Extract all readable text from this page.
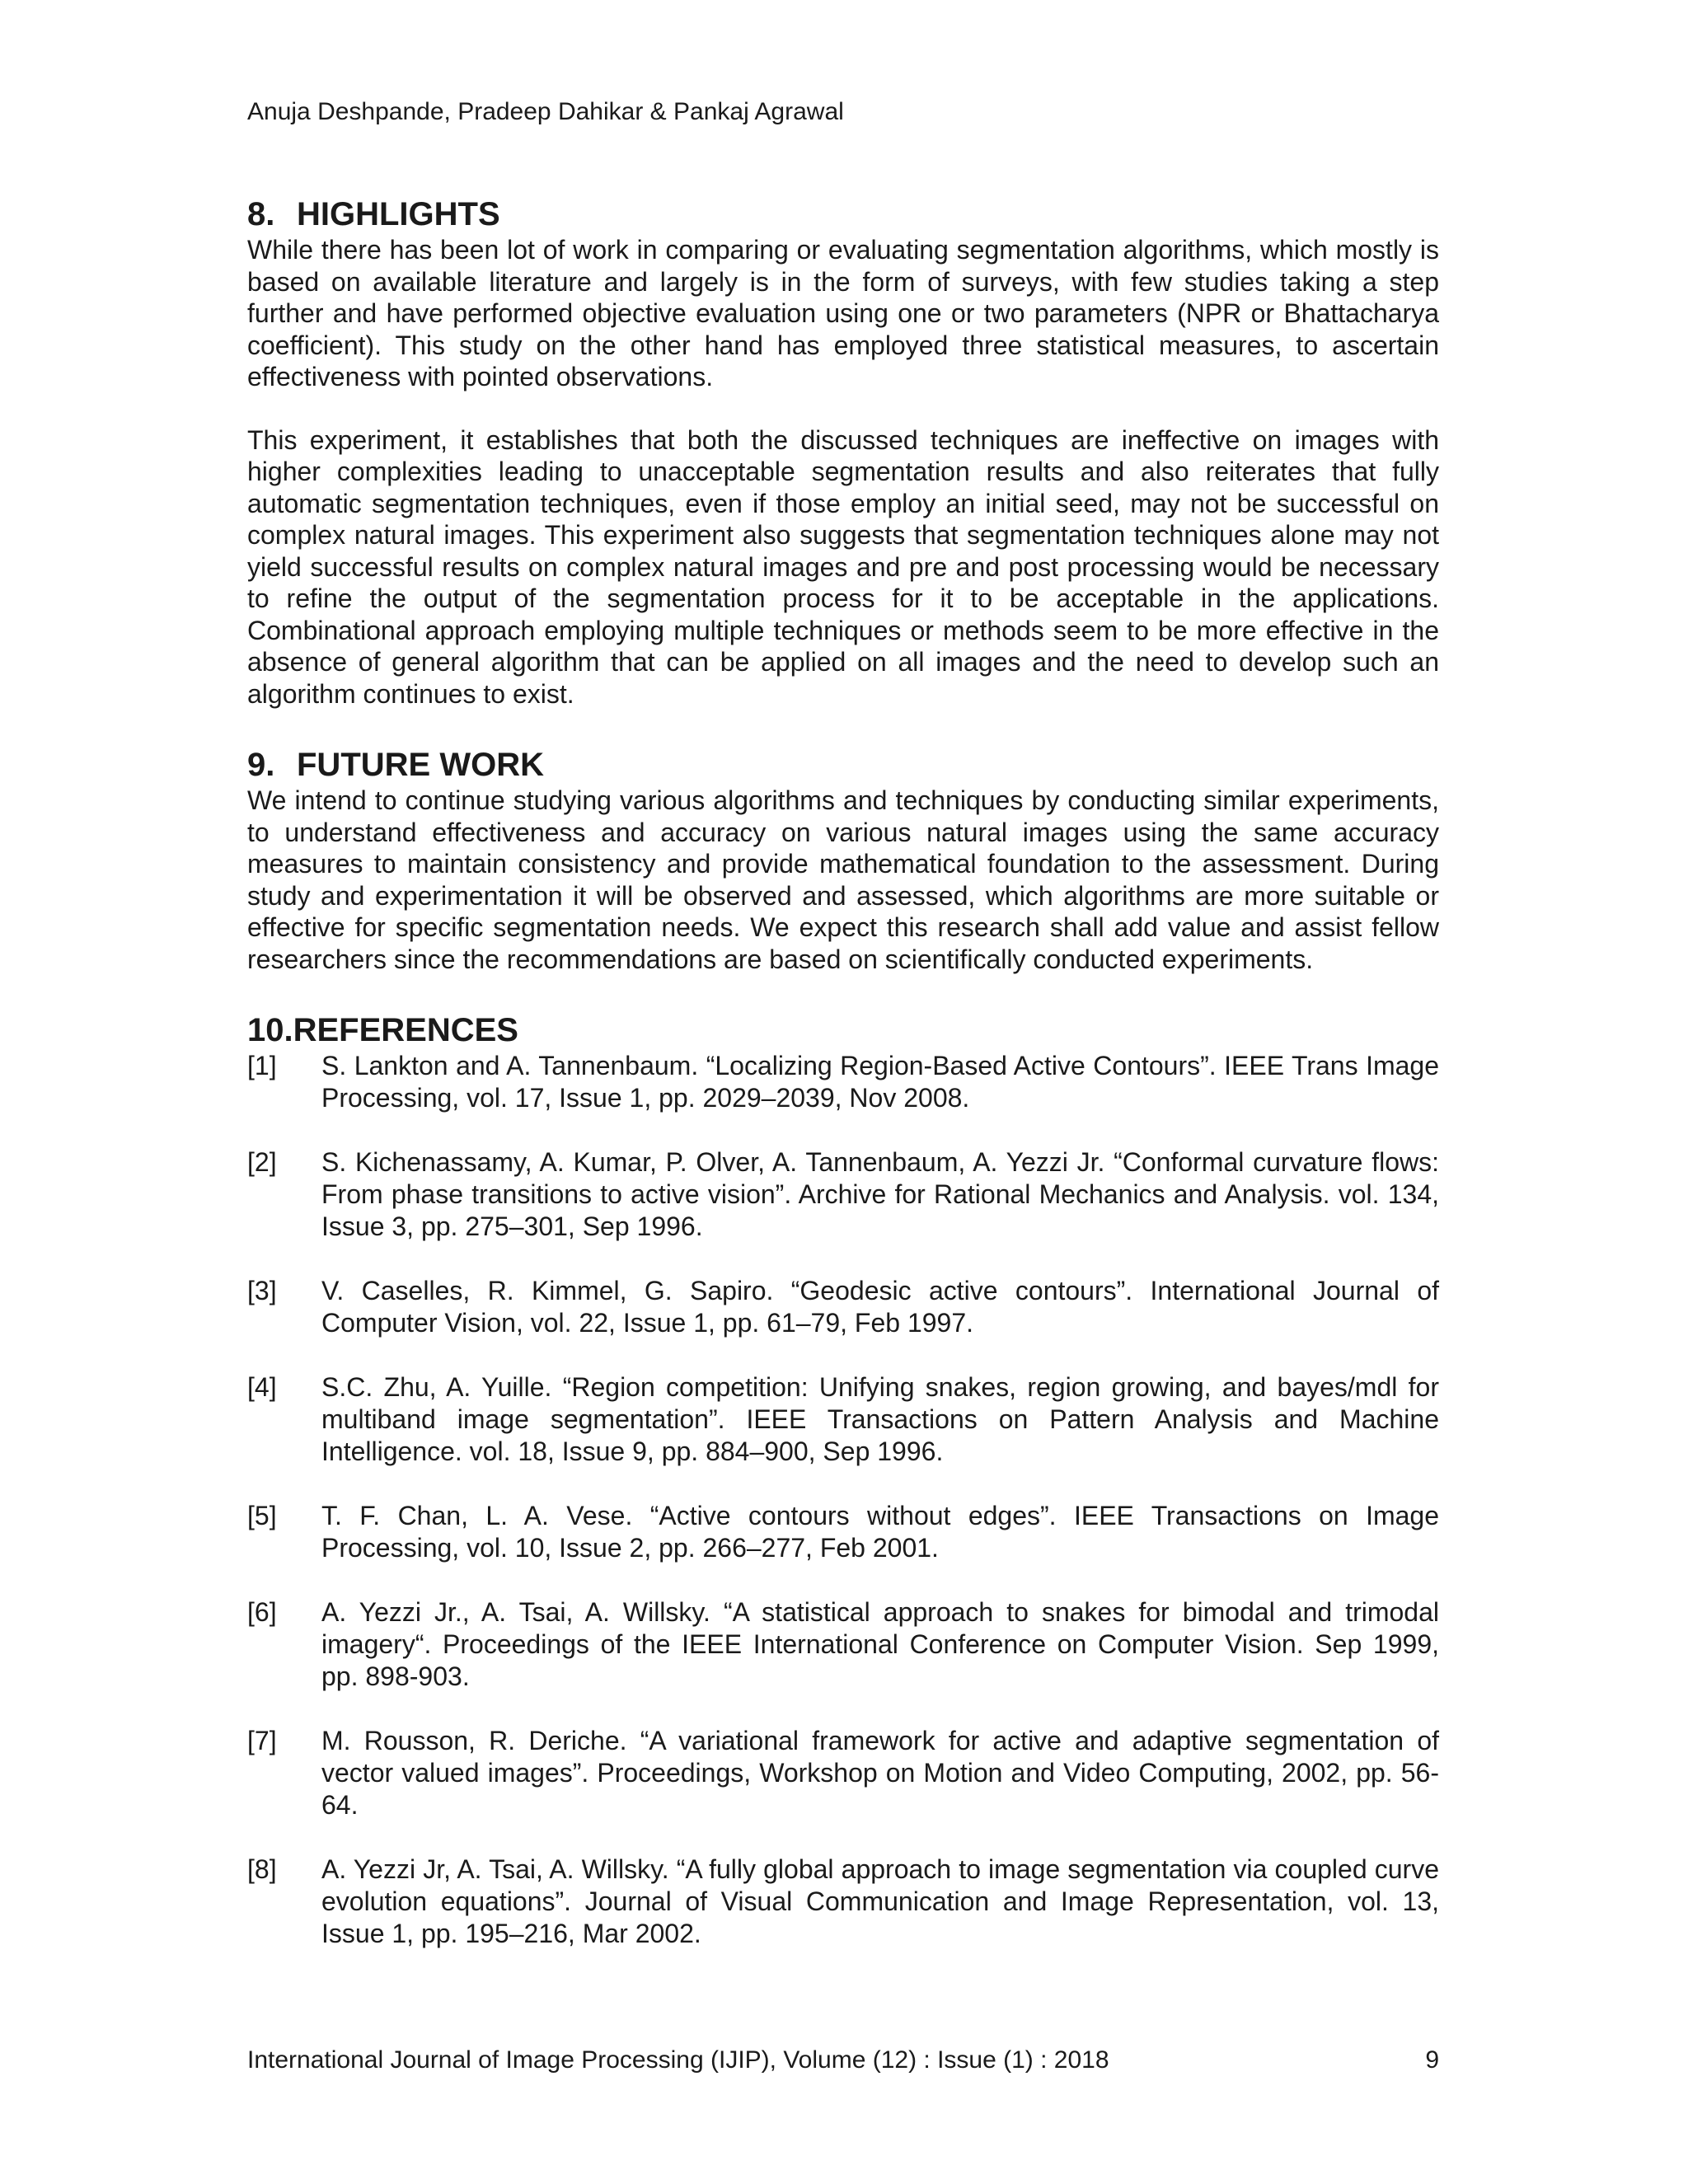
Anuja Deshpande, Pradeep Dahikar & Pankaj Agrawal
8. HIGHLIGHTS

While there has been lot of work in comparing or evaluating segmentation algorithms, which mostly is based on available literature and largely is in the form of surveys, with few studies taking a step further and have performed objective evaluation using one or two parameters (NPR or Bhattacharya coefficient). This study on the other hand has employed three statistical measures, to ascertain effectiveness with pointed observations.

This experiment, it establishes that both the discussed techniques are ineffective on images with higher complexities leading to unacceptable segmentation results and also reiterates that fully automatic segmentation techniques, even if those employ an initial seed, may not be successful on complex natural images. This experiment also suggests that segmentation techniques alone may not yield successful results on complex natural images and pre and post processing would be necessary to refine the output of the segmentation process for it to be acceptable in the applications. Combinational approach employing multiple techniques or methods seem to be more effective in the absence of general algorithm that can be applied on all images and the need to develop such an algorithm continues to exist.

9. FUTURE WORK

We intend to continue studying various algorithms and techniques by conducting similar experiments, to understand effectiveness and accuracy on various natural images using the same accuracy measures to maintain consistency and provide mathematical foundation to the assessment. During study and experimentation it will be observed and assessed, which algorithms are more suitable or effective for specific segmentation needs. We expect this research shall add value and assist fellow researchers since the recommendations are based on scientifically conducted experiments.

10.REFERENCES
[1]	S. Lankton and A. Tannenbaum. “Localizing Region-Based Active Contours”. IEEE Trans Image Processing, vol. 17, Issue 1, pp. 2029–2039, Nov 2008.
[2]	S. Kichenassamy, A. Kumar, P. Olver, A. Tannenbaum, A. Yezzi Jr. “Conformal curvature flows: From phase transitions to active vision”. Archive for Rational Mechanics and Analysis. vol. 134, Issue 3, pp. 275–301, Sep 1996.
[3]	V. Caselles, R. Kimmel, G. Sapiro. “Geodesic active contours”. International Journal of Computer Vision, vol. 22, Issue 1, pp. 61–79, Feb 1997.
[4]	S.C. Zhu, A. Yuille. “Region competition: Unifying snakes, region growing, and bayes/mdl for multiband image segmentation”. IEEE Transactions on Pattern Analysis and Machine Intelligence. vol. 18, Issue 9, pp. 884–900, Sep 1996.
[5]	T. F. Chan, L. A. Vese. “Active contours without edges”. IEEE Transactions on Image Processing, vol. 10, Issue 2, pp. 266–277, Feb 2001.
[6]	A. Yezzi Jr., A. Tsai, A. Willsky. “A statistical approach to snakes for bimodal and trimodal imagery“. Proceedings of the IEEE International Conference on Computer Vision. Sep 1999, pp. 898-903.
[7]	M. Rousson, R. Deriche. “A variational framework for active and adaptive segmentation of vector valued images”. Proceedings, Workshop on Motion and Video Computing, 2002, pp. 56-64.
[8]	A. Yezzi Jr, A. Tsai, A. Willsky. “A fully global approach to image segmentation via coupled curve evolution equations”. Journal of Visual Communication and Image Representation, vol. 13, Issue 1, pp. 195–216, Mar 2002.
International Journal of Image Processing (IJIP), Volume (12) : Issue (1) : 2018	9
